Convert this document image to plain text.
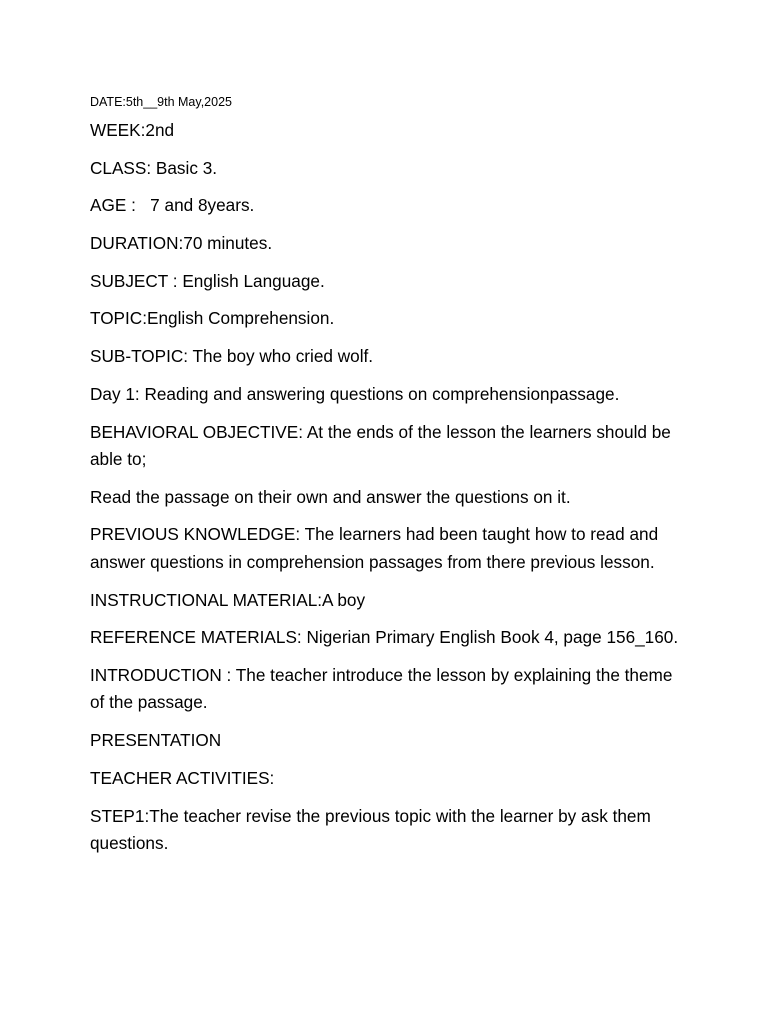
DATE:5th__9th May,2025

WEEK:2nd

CLASS: Basic 3.

AGE :   7 and 8years.

DURATION:70 minutes.

SUBJECT : English Language.

TOPIC:English Comprehension.

SUB-TOPIC: The boy who cried wolf.

Day 1: Reading and answering questions on comprehensionpassage.

BEHAVIORAL OBJECTIVE: At the ends of the lesson the learners should be able to;

Read the passage on their own and answer the questions on it.

PREVIOUS KNOWLEDGE: The learners had been taught how to read and answer questions in comprehension passages from there previous lesson.

INSTRUCTIONAL MATERIAL:A boy

REFERENCE MATERIALS: Nigerian Primary English Book 4, page 156_160.

INTRODUCTION : The teacher introduce the lesson by explaining the theme of the passage.

PRESENTATION

TEACHER ACTIVITIES:

STEP1:The teacher revise the previous topic with the learner by ask them questions.
